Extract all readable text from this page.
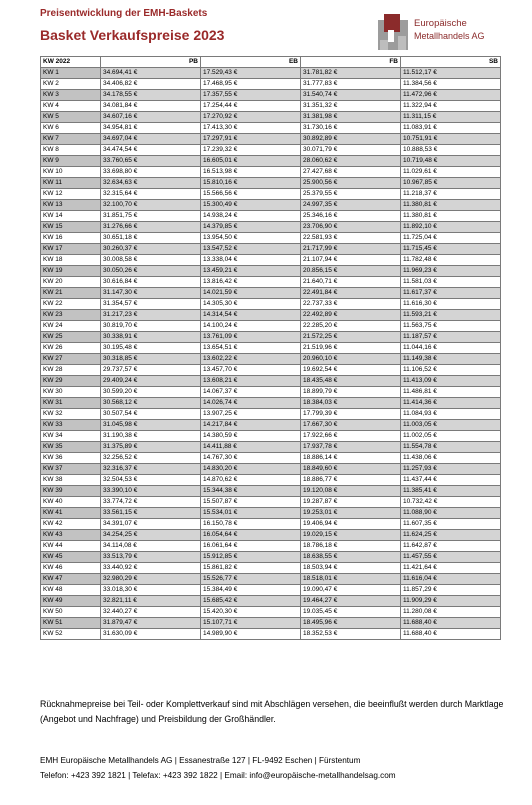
Preisentwicklung der EMH-Baskets
Basket Verkaufspreise 2023
Europäische
Metallhandels AG
KW 2022	PB	EB	FB	SB
KW 1	34.694,41 €	17.529,43 €	31.781,82 €	11.512,17 €
KW 2	34.406,82 €	17.468,95 €	31.777,83 €	11.384,56 €
KW 3	34.178,55 €	17.357,55 €	31.540,74 €	11.472,96 €
KW 4	34.081,84 €	17.254,44 €	31.351,32 €	11.322,94 €
KW 5	34.607,16 €	17.270,92 €	31.381,98 €	11.311,15 €
KW 6	34.954,81 €	17.413,30 €	31.730,16 €	11.083,91 €
KW 7	34.697,04 €	17.297,91 €	30.892,89 €	10.751,91 €
KW 8	34.474,54 €	17.239,32 €	30.071,79 €	10.888,53 €
KW 9	33.760,65 €	16.605,01 €	28.060,62 €	10.719,48 €
KW 10	33.698,80 €	16.513,98 €	27.427,68 €	11.029,61 €
KW 11	32.634,63 €	15.810,16 €	25.900,56 €	10.967,85 €
KW 12	32.315,64 €	15.566,56 €	25.379,55 €	11.218,37 €
KW 13	32.100,70 €	15.300,49 €	24.997,35 €	11.380,81 €
KW 14	31.851,75 €	14.938,24 €	25.346,16 €	11.380,81 €
KW 15	31.276,66 €	14.379,85 €	23.706,90 €	11.892,10 €
KW 16	30.651,18 €	13.954,50 €	22.581,93 €	11.725,04 €
KW 17	30.260,37 €	13.547,52 €	21.717,99 €	11.715,45 €
KW 18	30.008,58 €	13.338,04 €	21.107,94 €	11.782,48 €
KW 19	30.050,26 €	13.459,21 €	20.856,15 €	11.969,23 €
KW 20	30.616,84 €	13.816,42 €	21.640,71 €	11.581,03 €
KW 21	31.147,30 €	14.021,59 €	22.491,84 €	11.617,37 €
KW 22	31.354,57 €	14.305,30 €	22.737,33 €	11.616,30 €
KW 23	31.217,23 €	14.314,54 €	22.492,89 €	11.593,21 €
KW 24	30.819,70 €	14.100,24 €	22.285,20 €	11.563,75 €
KW 25	30.338,91 €	13.761,09 €	21.572,25 €	11.187,57 €
KW 26	30.195,48 €	13.654,51 €	21.519,96 €	11.044,16 €
KW 27	30.318,85 €	13.602,22 €	20.960,10 €	11.149,38 €
KW 28	29.737,57 €	13.457,70 €	19.692,54 €	11.106,52 €
KW 29	29.409,24 €	13.608,21 €	18.435,48 €	11.413,09 €
KW 30	30.599,20 €	14.067,37 €	18.899,79 €	11.486,81 €
KW 31	30.568,12 €	14.026,74 €	18.384,03 €	11.414,36 €
KW 32	30.507,54 €	13.907,25 €	17.799,39 €	11.084,93 €
KW 33	31.045,98 €	14.217,84 €	17.667,30 €	11.003,05 €
KW 34	31.190,38 €	14.380,59 €	17.922,66 €	11.002,05 €
KW 35	31.375,89 €	14.411,88 €	17.937,78 €	11.554,78 €
KW 36	32.256,52 €	14.767,30 €	18.886,14 €	11.438,06 €
KW 37	32.316,37 €	14.830,20 €	18.849,60 €	11.257,93 €
KW 38	32.504,53 €	14.870,62 €	18.886,77 €	11.437,44 €
KW 39	33.390,10 €	15.344,38 €	19.120,08 €	11.385,41 €
KW 40	33.774,72 €	15.507,87 €	19.287,87 €	10.732,42 €
KW 41	33.561,15 €	15.534,01 €	19.253,01 €	11.088,90 €
KW 42	34.391,07 €	16.150,78 €	19.406,94 €	11.607,35 €
KW 43	34.254,25 €	16.054,64 €	19.029,15 €	11.624,25 €
KW 44	34.114,08 €	16.061,64 €	18.786,18 €	11.642,87 €
KW 45	33.513,79 €	15.912,85 €	18.638,55 €	11.457,55 €
KW 46	33.440,92 €	15.861,82 €	18.503,94 €	11.421,64 €
KW 47	32.980,29 €	15.526,77 €	18.518,01 €	11.616,04 €
KW 48	33.018,30 €	15.384,49 €	19.090,47 €	11.857,29 €
KW 49	32.821,11 €	15.685,42 €	19.464,27 €	11.909,29 €
KW 50	32.440,27 €	15.420,30 €	19.035,45 €	11.280,08 €
KW 51	31.879,47 €	15.107,71 €	18.495,96 €	11.688,40 €
KW 52	31.630,09 €	14.989,90 €	18.352,53 €	11.688,40 €
Rücknahmepreise bei Teil- oder Komplettverkauf sind mit Abschlägen versehen, die beeinflußt werden durch Marktlage (Angebot und Nachfrage) und Preisbildung der Großhändler.
EMH Europäische Metallhandels AG | Essanestraße 127 | FL-9492 Eschen | Fürstentum
Telefon: +423 392 1821 | Telefax: +423 392 1822 | Email: info@europäische-metallhandelsag.com
